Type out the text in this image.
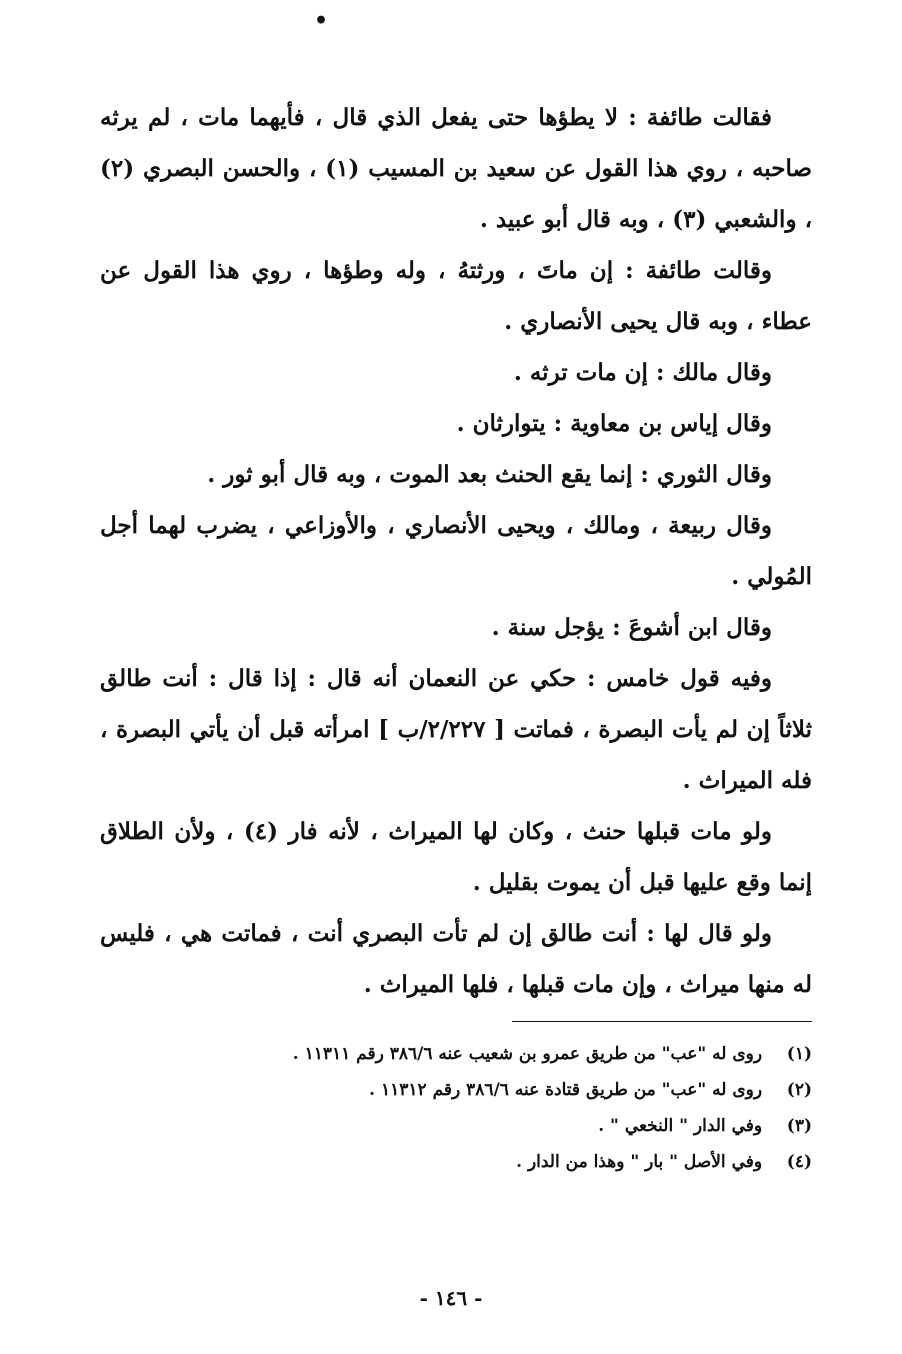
•

فقالت طائفة : لا يطؤها حتى يفعل الذي قال ، فأيهما مات ، لم يرثه صاحبه ، روي هذا القول عن سعيد بن المسيب (١) ، والحسن البصري (٢) ، والشعبي (٣) ، وبه قال أبو عبيد .

وقالت طائفة : إن ماتَ ، ورثتهُ ، وله وطؤها ، روي هذا القول عن عطاء ، وبه قال يحيى الأنصاري .

وقال مالك : إن مات ترثه .

وقال إياس بن معاوية : يتوارثان .

وقال الثوري : إنما يقع الحنث بعد الموت ، وبه قال أبو ثور .

وقال ربيعة ، ومالك ، ويحيى الأنصاري ، والأوزاعي ، يضرب لهما أجل المُولي .

وقال ابن أشوعَ : يؤجل سنة .

وفيه قول خامس : حكي عن النعمان أنه قال : إذا قال : أنت طالق ثلاثاً إن لم يأت البصرة ، فماتت [ ٢/٢٢٧/ب ] امرأته قبل أن يأتي البصرة ، فله الميراث .

ولو مات قبلها حنث ، وكان لها الميراث ، لأنه فار (٤) ، ولأن الطلاق إنما وقع عليها قبل أن يموت بقليل .

ولو قال لها : أنت طالق إن لم تأت البصري أنت ، فماتت هي ، فليس له منها ميراث ، وإن مات قبلها ، فلها الميراث .

(١) روى له "عب" من طريق عمرو بن شعيب عنه ٣٨٦/٦ رقم ١١٣١١ .

(٢) روى له "عب" من طريق قتادة عنه ٣٨٦/٦ رقم ١١٣١٢ .

(٣) وفي الدار " النخعي " .

(٤) وفي الأصل " بار " وهذا من الدار .

- ١٤٦ -
